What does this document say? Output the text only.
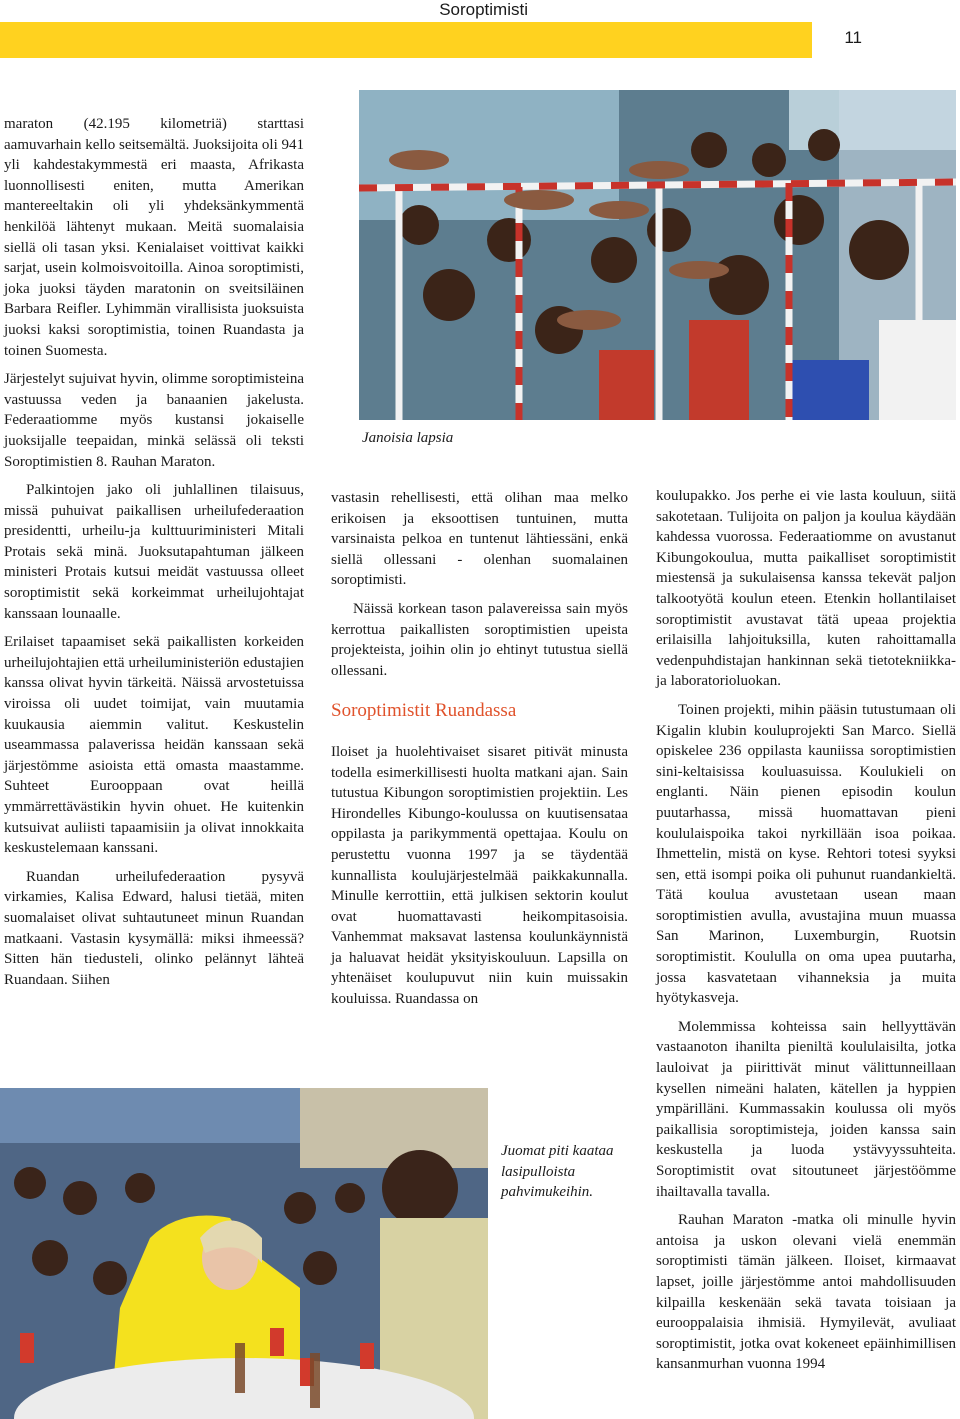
Soroptimisti
11
Janoisia lapsia
Juomat piti kaataa lasipulloista pahvimukeihin.

maraton (42.195 kilometriä) starttasi aamuvarhain kello seitsemältä. Juoksijoita oli 941 yli kahdestakymmestä eri maasta, Afrikasta luonnollisesti eniten, mutta Amerikan mantereeltakin oli yli yhdeksänkymmentä henkilöä lähtenyt mukaan. Meitä suomalaisia siellä oli tasan yksi. Kenialaiset voittivat kaikki sarjat, usein kolmoisvoitoilla. Ainoa soroptimisti, joka juoksi täyden maratonin on sveitsiläinen Barbara Reifler. Lyhimmän virallisista juoksuista juoksi kaksi soroptimistia, toinen Ruandasta ja toinen Suomesta.

Järjestelyt sujuivat hyvin, olimme soroptimisteina vastuussa veden ja banaanien jakelusta. Federaatiomme myös kustansi jokaiselle juoksijalle teepaidan, minkä selässä oli teksti Soroptimistien 8. Rauhan Maraton.

Palkintojen jako oli juhlallinen tilaisuus, missä puhuivat paikallisen urheilufederaation presidentti, urheilu-ja kulttuuriministeri Mitali Protais sekä minä. Juoksutapahtuman jälkeen ministeri Protais kutsui meidät vastuussa olleet soroptimistit sekä korkeimmat urheilujohtajat kanssaan lounaalle.

Erilaiset tapaamiset sekä paikallisten korkeiden urheilujohtajien että urheiluministeriön edustajien kanssa olivat hyvin tärkeitä. Näissä arvostetuissa viroissa oli uudet toimijat, vain muutamia kuukausia aiemmin valitut. Keskustelin useammassa palaverissa heidän kanssaan sekä järjestömme asioista että omasta maastamme. Suhteet Eurooppaan ovat heillä ymmärrettävästikin hyvin ohuet. He kuitenkin kutsuivat auliisti tapaamisiin ja olivat innokkaita keskustelemaan kanssani.

Ruandan urheilufederaation pysyvä virkamies, Kalisa Edward, halusi tietää, miten suomalaiset olivat suhtautuneet minun Ruandan matkaani. Vastasin kysymällä: miksi ihmeessä? Sitten hän tiedusteli, olinko pelännyt lähteä Ruandaan. Siihen

vastasin rehellisesti, että olihan maa melko erikoisen ja eksoottisen tuntuinen, mutta varsinaista pelkoa en tuntenut lähtiessäni, enkä siellä ollessani - olenhan suomalainen soroptimisti.

Näissä korkean tason palavereissa sain myös kerrottua paikallisten soroptimistien upeista projekteista, joihin olin jo ehtinyt tutustua siellä ollessani.

Soroptimistit Ruandassa

Iloiset ja huolehtivaiset sisaret pitivät minusta todella esimerkillisesti huolta matkani ajan. Sain tutustua Kibungon soroptimistien projektiin. Les Hirondelles Kibungo-koulussa on kuutisensataa oppilasta ja parikymmentä opettajaa. Koulu on perustettu vuonna 1997 ja se täydentää kunnallista koulujärjestelmää paikkakunnalla. Minulle kerrottiin, että julkisen sektorin koulut ovat huomattavasti heikompitasoisia. Vanhemmat maksavat lastensa koulunkäynnistä ja haluavat heidät yksityiskouluun. Lapsilla on yhtenäiset koulupuvut niin kuin muissakin kouluissa. Ruandassa on

koulupakko. Jos perhe ei vie lasta kouluun, siitä sakotetaan. Tulijoita on paljon ja koulua käydään kahdessa vuorossa. Federaatiomme on avustanut Kibungokoulua, mutta paikalliset soroptimistit miestensä ja sukulaisensa kanssa tekevät paljon talkootyötä koulun eteen. Etenkin hollantilaiset soroptimistit avustavat tätä upeaa projektia erilaisilla lahjoituksilla, kuten rahoittamalla vedenpuhdistajan hankinnan sekä tietotekniikka-ja laboratorioluokan.

Toinen projekti, mihin pääsin tutustumaan oli Kigalin klubin kouluprojekti San Marco. Siellä opiskelee 236 oppilasta kauniissa soroptimistien sini-keltaisissa kouluasuissa. Koulukieli on englanti. Näin pienen episodin koulun puutarhassa, missä huomattavan pieni koululaispoika takoi nyrkillään isoa poikaa. Ihmettelin, mistä on kyse. Rehtori totesi syyksi sen, että isompi poika oli puhunut ruandankieltä. Tätä koulua avustetaan usean maan soroptimistien avulla, avustajina muun muassa San Marinon, Luxemburgin, Ruotsin soroptimistit. Koululla on oma upea puutarha, jossa kasvatetaan vihanneksia ja muita hyötykasveja.

Molemmissa kohteissa sain hellyyttävän vastaanoton ihanilta pieniltä koululaisilta, jotka lauloivat ja piirittivät minut välittunneillaan kysellen nimeäni halaten, kätellen ja hyppien ympärilläni. Kummassakin koulussa oli myös paikallisia soroptimisteja, joiden kanssa sain keskustella ja luoda ystävyyssuhteita. Soroptimistit ovat sitoutuneet järjestöömme ihailtavalla tavalla.

Rauhan Maraton -matka oli minulle hyvin antoisa ja uskon olevani vielä enemmän soroptimisti tämän jälkeen. Iloiset, kirmaavat lapset, joille järjestömme antoi mahdollisuuden kilpailla keskenään sekä tavata toisiaan ja eurooppalaisia ihmisiä. Hymyilevät, avuliaat soroptimistit, jotka ovat kokeneet epäinhimillisen kansanmurhan vuonna 1994
